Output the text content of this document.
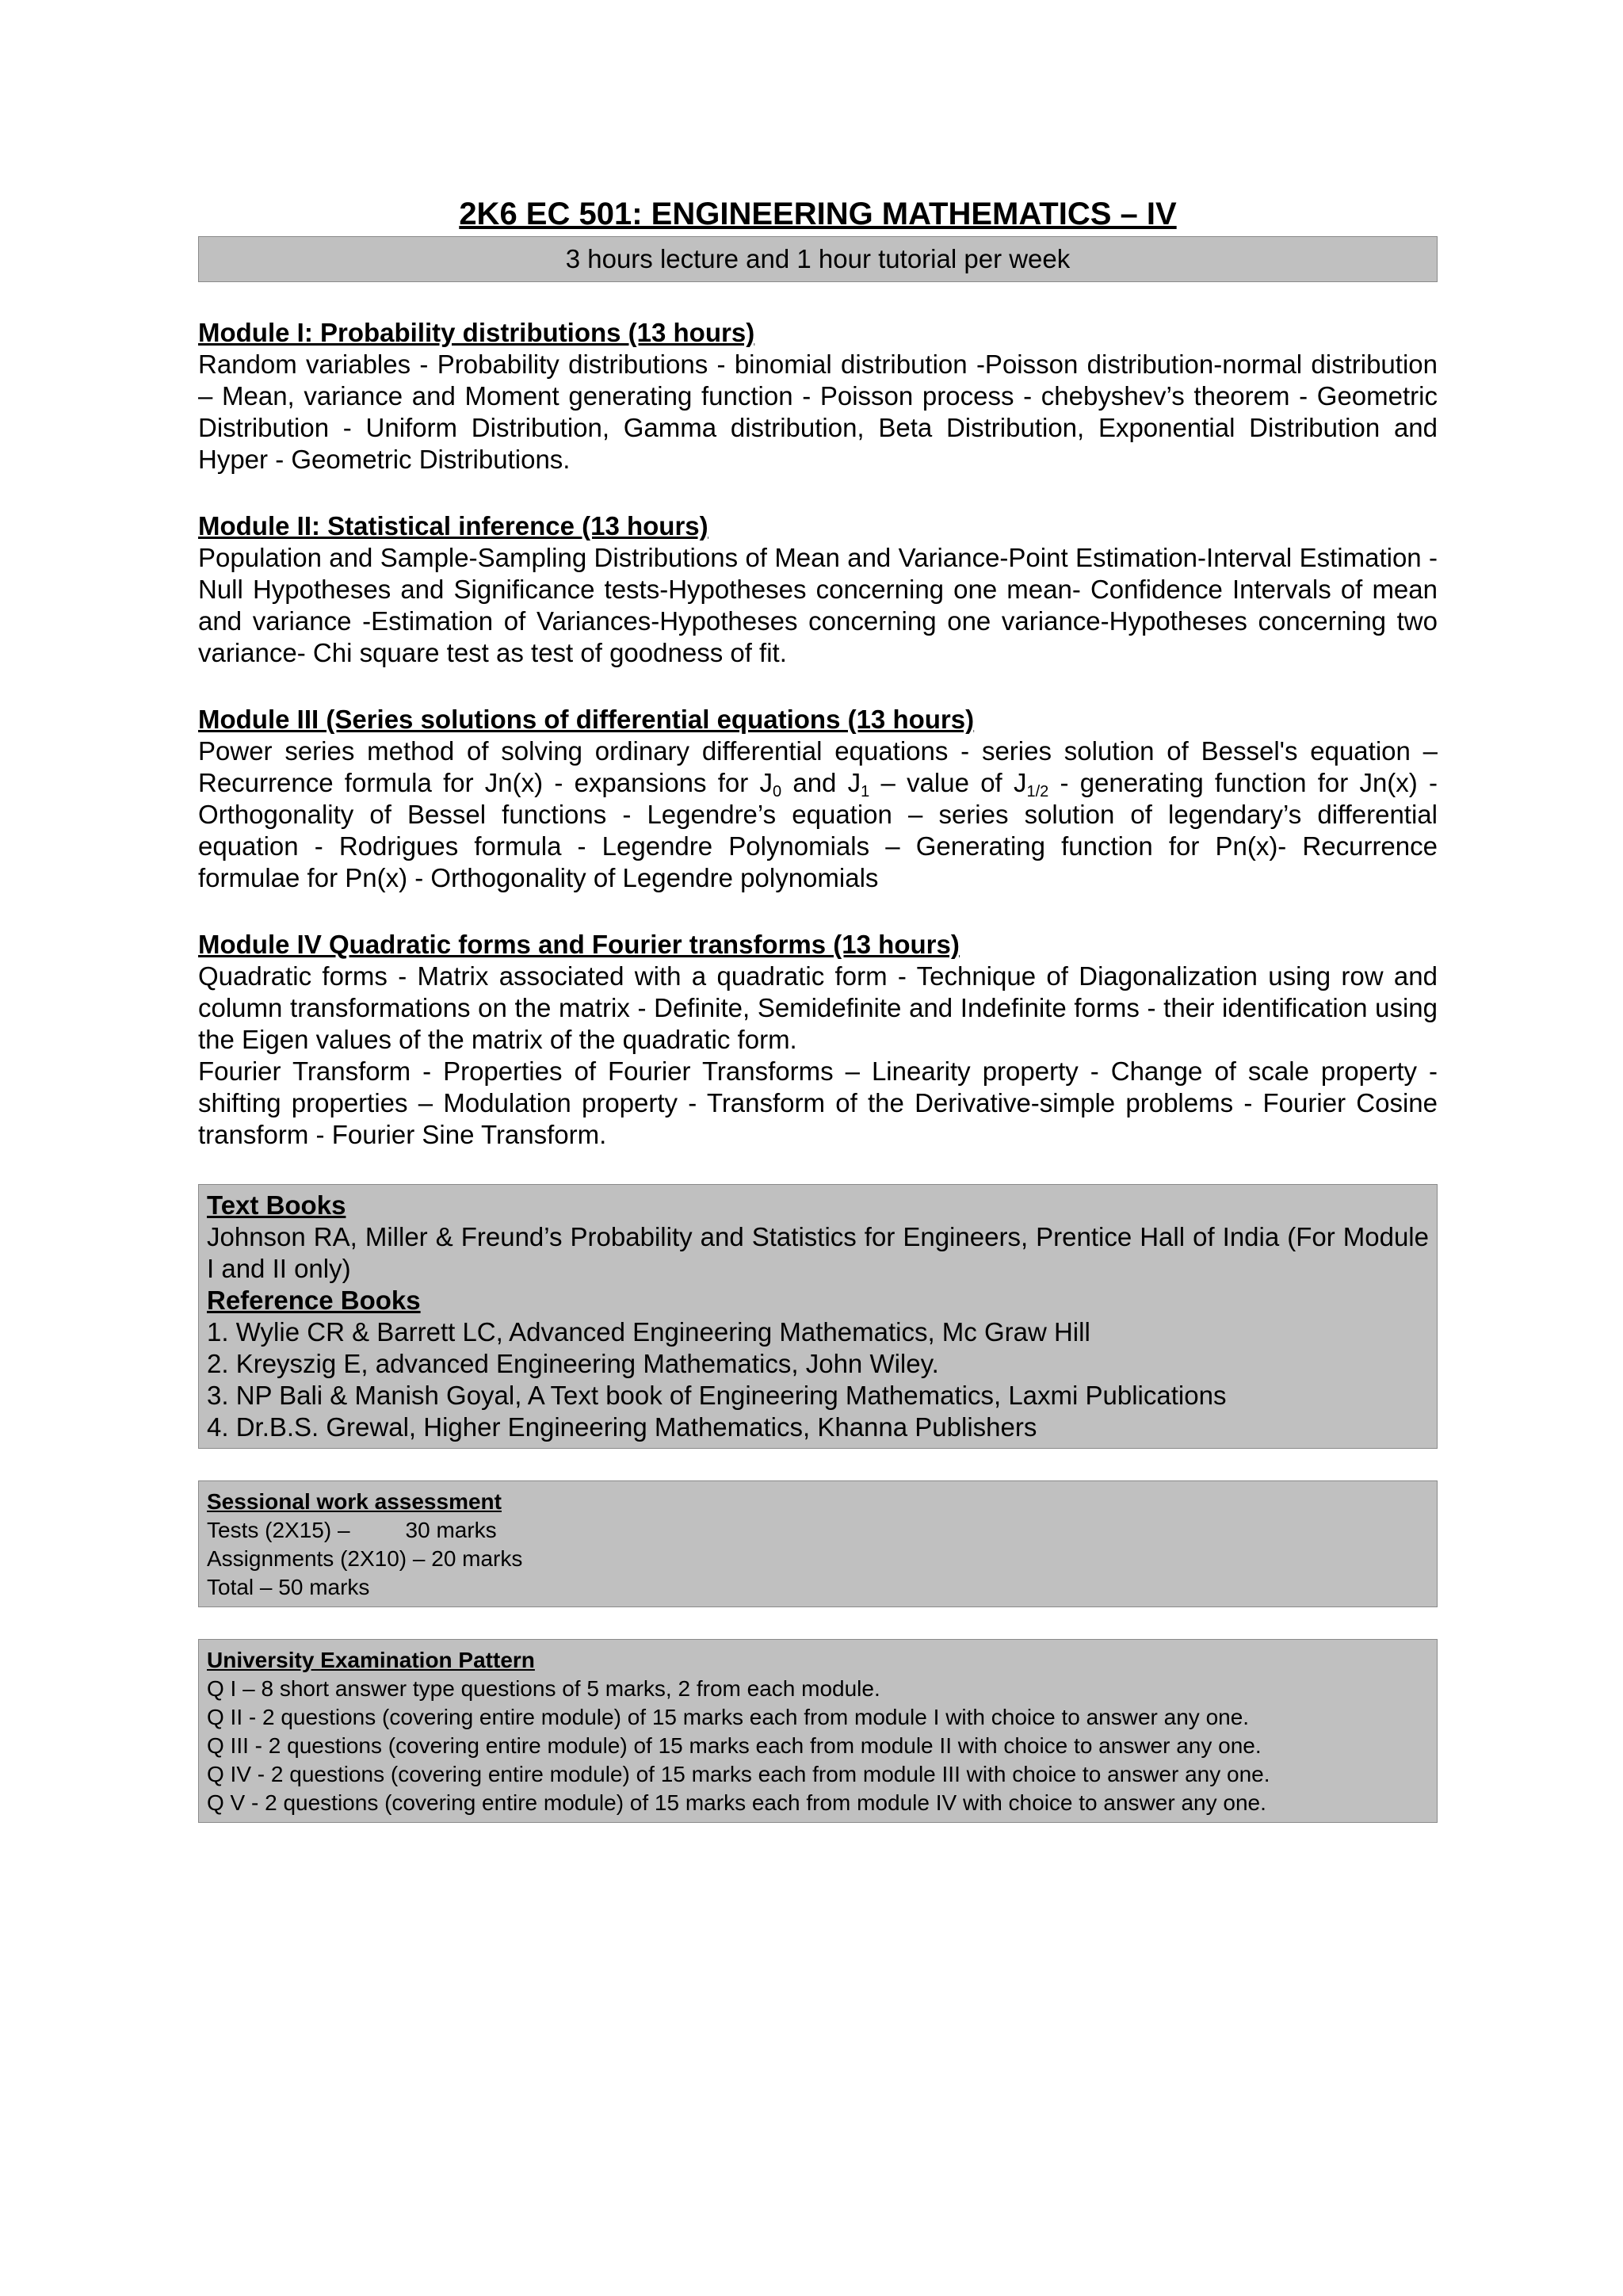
2K6 EC 501: ENGINEERING MATHEMATICS – IV
3 hours lecture and 1 hour tutorial per week
Module I: Probability distributions (13 hours)
Random variables - Probability distributions - binomial distribution -Poisson distribution-normal distribution – Mean, variance and Moment generating function - Poisson process - chebyshev’s theorem - Geometric Distribution - Uniform Distribution, Gamma distribution, Beta Distribution, Exponential Distribution and Hyper - Geometric Distributions.
Module II: Statistical inference (13 hours)
Population and Sample-Sampling Distributions of Mean and Variance-Point Estimation-Interval Estimation -Null Hypotheses and Significance tests-Hypotheses concerning one mean- Confidence Intervals of mean and variance -Estimation of Variances-Hypotheses concerning one variance-Hypotheses concerning two variance- Chi square test as test of goodness of fit.
Module III (Series solutions of differential equations (13 hours)
Power series method of solving ordinary differential equations - series solution of Bessel's equation – Recurrence formula for Jn(x) - expansions for $J_0$ and $J_1$ – value of $J_{1/2}$ - generating function for Jn(x) - Orthogonality of Bessel functions - Legendre’s equation – series solution of legendary’s differential equation - Rodrigues formula - Legendre Polynomials – Generating function for Pn(x)- Recurrence formulae for Pn(x) - Orthogonality of Legendre polynomials
Module IV Quadratic forms and Fourier transforms (13 hours)

Quadratic forms - Matrix associated with a quadratic form - Technique of Diagonalization using row and column transformations on the matrix - Definite, Semidefinite and Indefinite forms - their identification using the Eigen values of the matrix of the quadratic form.

Fourier Transform - Properties of Fourier Transforms – Linearity property - Change of scale property - shifting properties – Modulation property - Transform of the Derivative-simple problems - Fourier Cosine transform - Fourier Sine Transform.

Text Books
Johnson RA, Miller & Freund’s Probability and Statistics for Engineers, Prentice Hall of India (For Module I and II only)
Reference Books
1. Wylie CR & Barrett LC, Advanced Engineering Mathematics, Mc Graw Hill
2. Kreyszig E, advanced Engineering Mathematics, John Wiley.
3. NP Bali & Manish Goyal, A Text book of Engineering Mathematics, Laxmi Publications
4. Dr.B.S. Grewal, Higher Engineering Mathematics, Khanna Publishers
Sessional work assessment
Tests (2X15) –	30 marks
Assignments (2X10) – 20 marks
Total – 50 marks
University Examination Pattern
Q I – 8 short answer type questions of 5 marks, 2 from each module.
Q II - 2 questions (covering entire module) of 15 marks each from module I with choice to answer any one.
Q III - 2 questions (covering entire module) of 15 marks each from module II with choice to answer any one.
Q IV - 2 questions (covering entire module) of 15 marks each from module III with choice to answer any one.
Q V - 2 questions (covering entire module) of 15 marks each from module IV with choice to answer any one.
